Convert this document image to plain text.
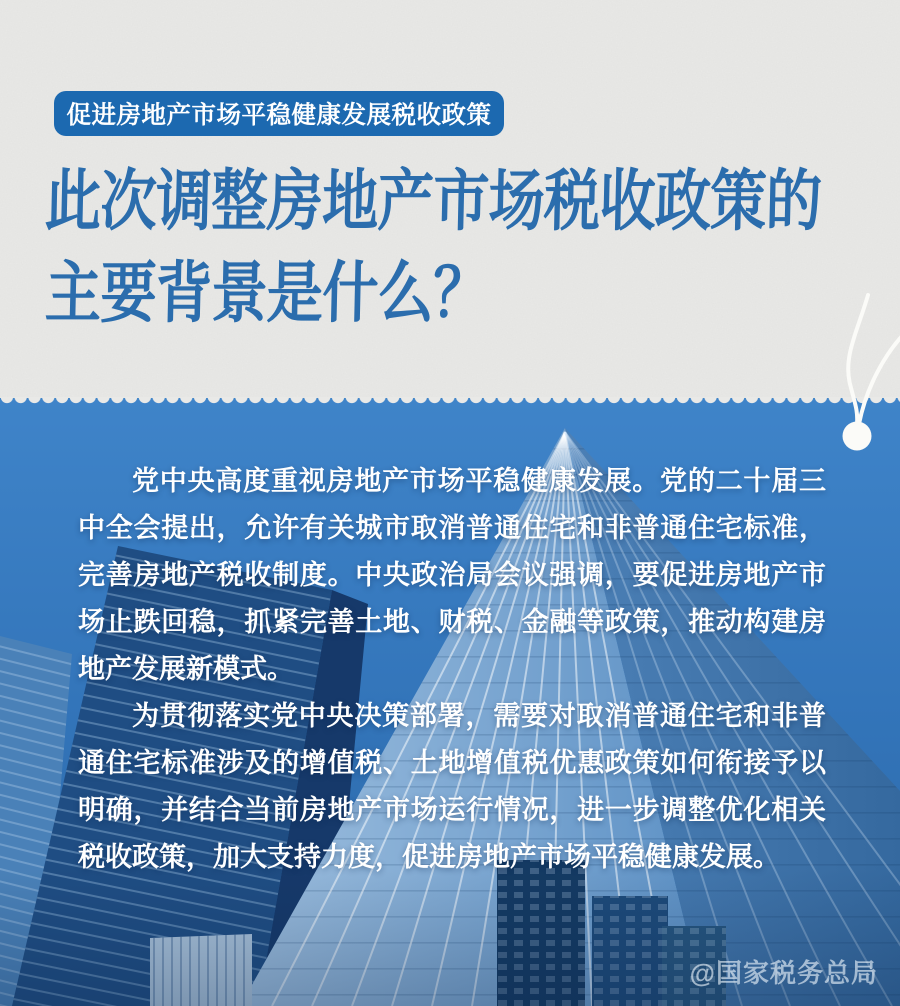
促进房地产市场平稳健康发展税收政策
此次调整房地产市场税收政策的
主要背景是什么？

党中央高度重视房地产市场平稳健康发展。党的二十届三中全会提出，允许有关城市取消普通住宅和非普通住宅标准，完善房地产税收制度。中央政治局会议强调，要促进房地产市场止跌回稳，抓紧完善土地、财税、金融等政策，推动构建房地产发展新模式。

为贯彻落实党中央决策部署，需要对取消普通住宅和非普通住宅标准涉及的增值税、土地增值税优惠政策如何衔接予以明确，并结合当前房地产市场运行情况，进一步调整优化相关税收政策，加大支持力度，促进房地产市场平稳健康发展。

@国家税务总局
